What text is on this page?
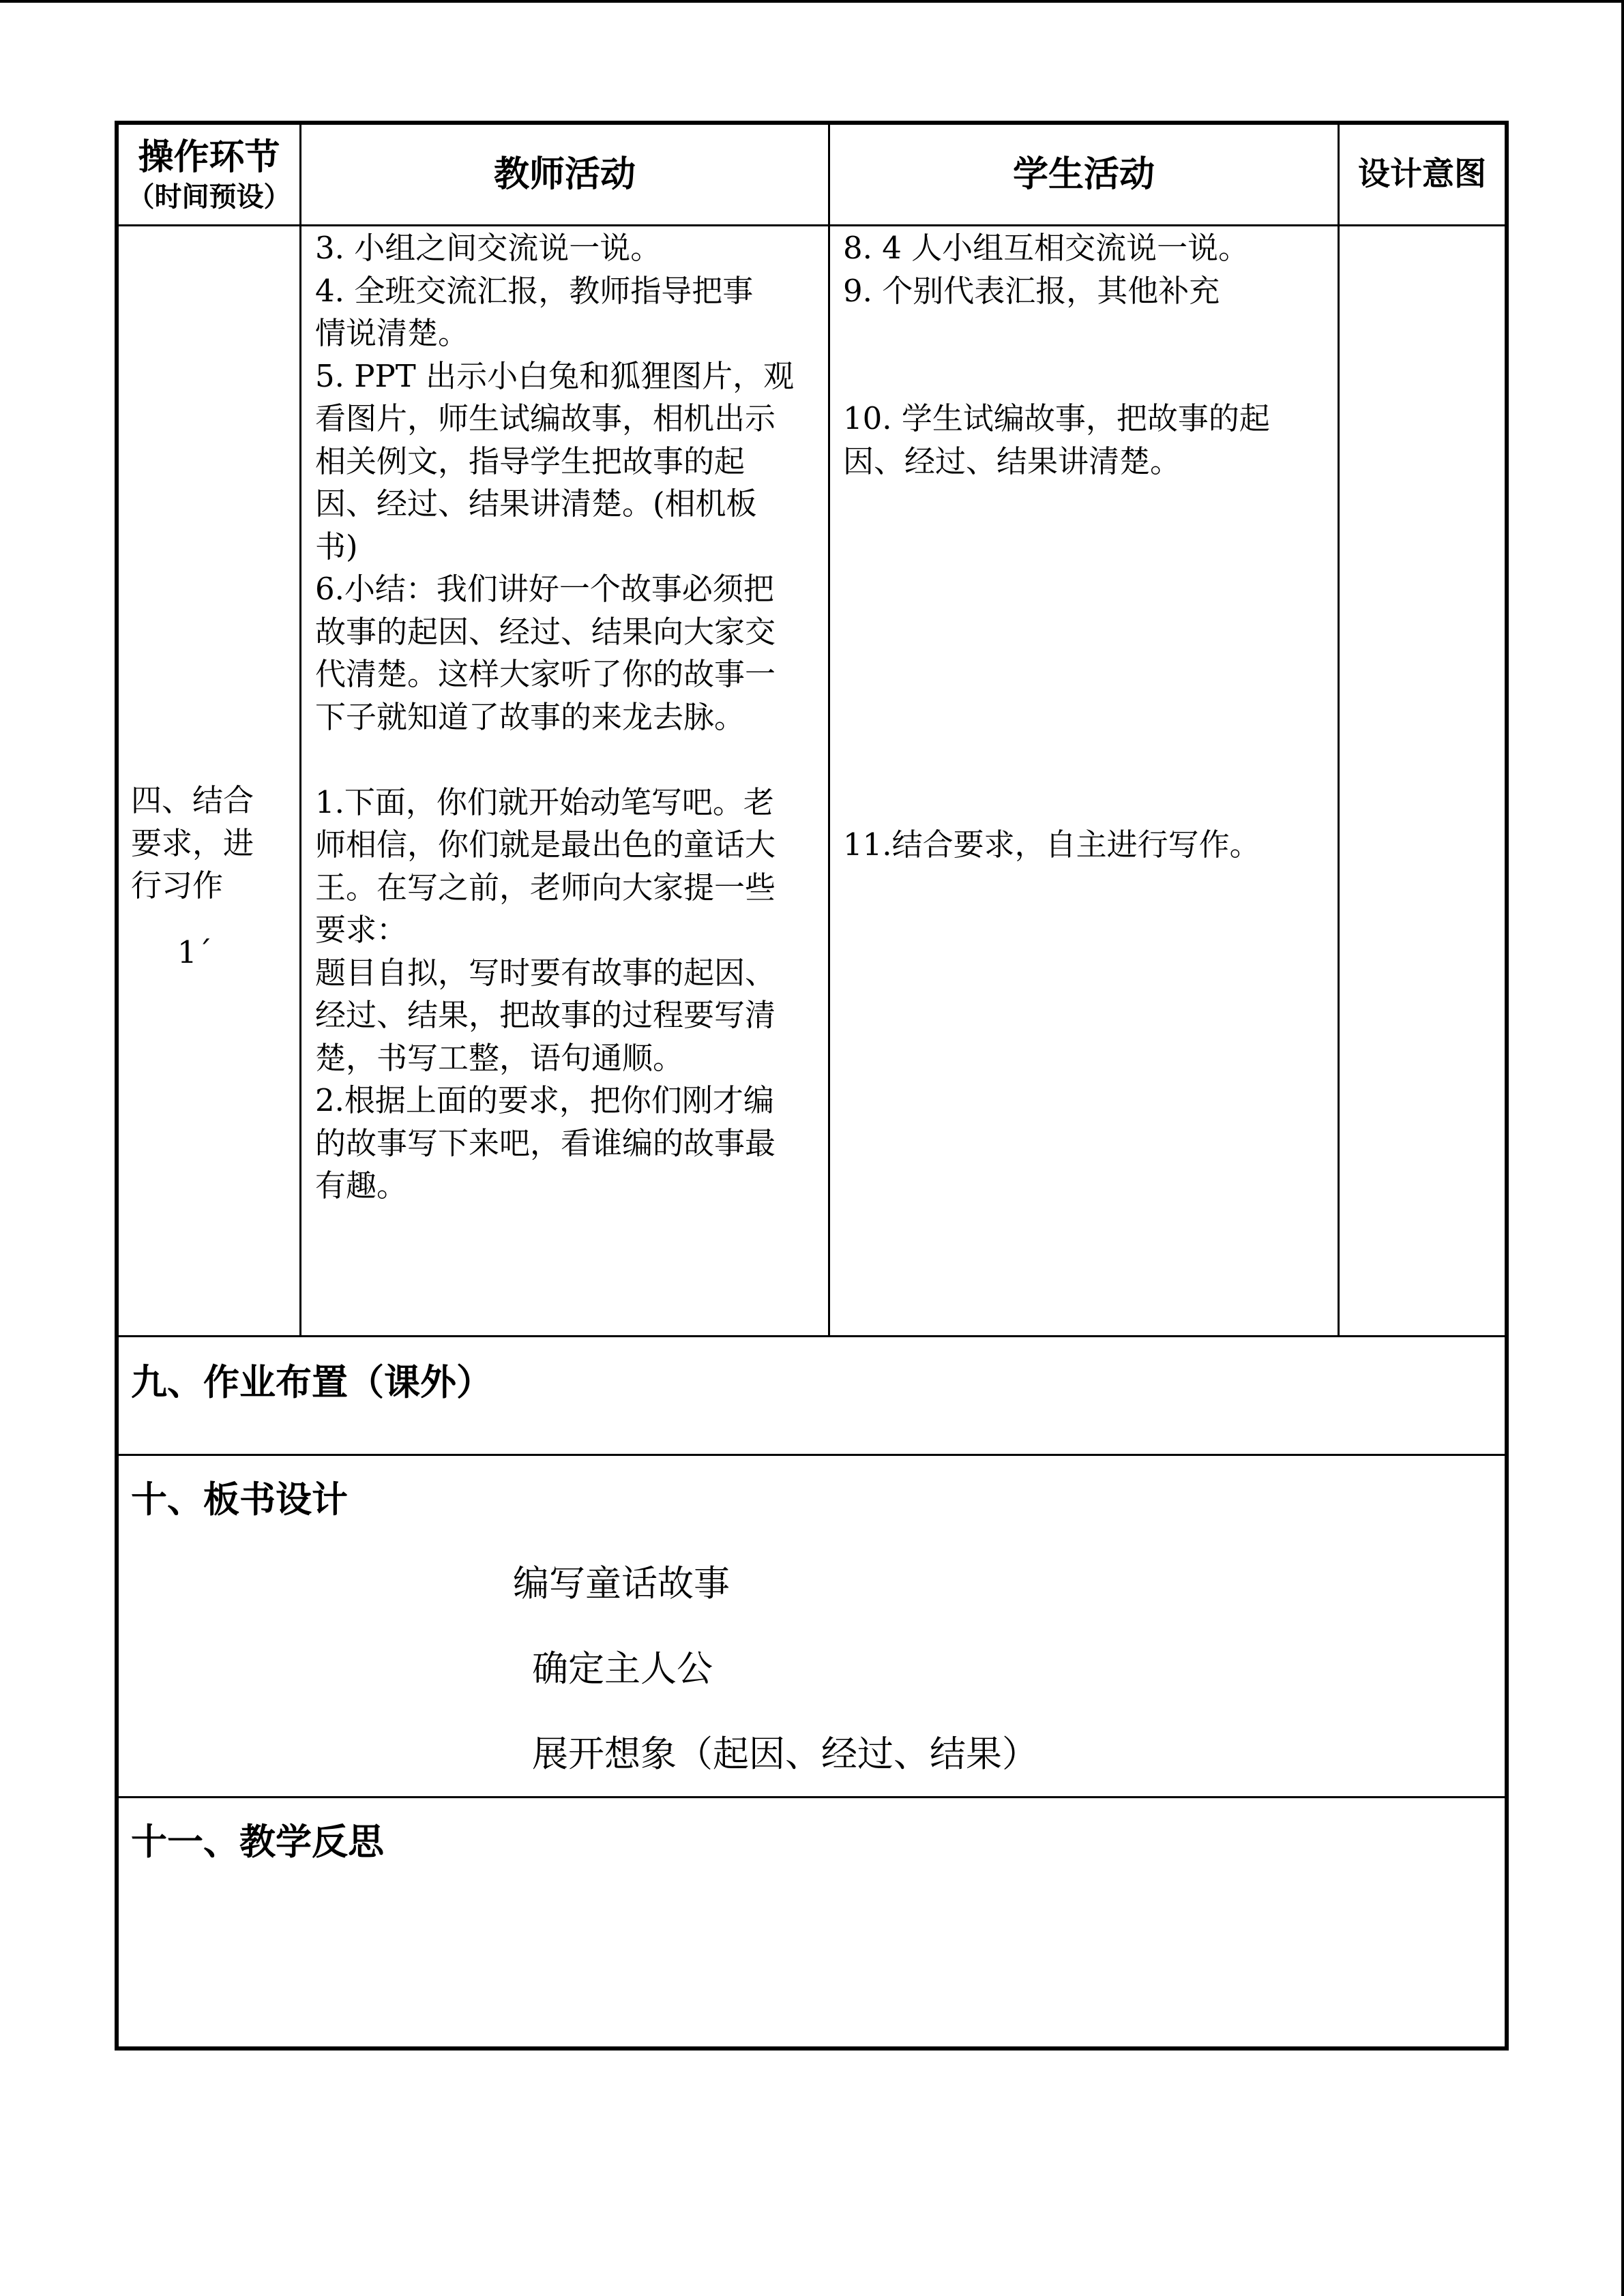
操作环节
（时间预设）
教师活动	学生活动	设计意图
四、结合
要求，进
行习作
1´
3. 小组之间交流说一说。
4. 全班交流汇报，教师指导把事
情说清楚。
5. PPT 出示小白兔和狐狸图片，观
看图片，师生试编故事，相机出示
相关例文，指导学生把故事的起
因、经过、结果讲清楚。(相机板
书)
6.小结：我们讲好一个故事必须把
故事的起因、经过、结果向大家交
代清楚。这样大家听了你的故事一
下子就知道了故事的来龙去脉。
1.下面，你们就开始动笔写吧。老
师相信，你们就是最出色的童话大
王。在写之前，老师向大家提一些
要求：
题目自拟，写时要有故事的起因、
经过、结果，把故事的过程要写清
楚，书写工整，语句通顺。
2.根据上面的要求，把你们刚才编
的故事写下来吧，看谁编的故事最
有趣。
8. 4 人小组互相交流说一说。
9. 个别代表汇报，其他补充
10. 学生试编故事，把故事的起
因、经过、结果讲清楚。
11.结合要求，自主进行写作。
九、作业布置（课外）
十、板书设计
编写童话故事
确定主人公
展开想象（起因、经过、结果）
十一、教学反思
